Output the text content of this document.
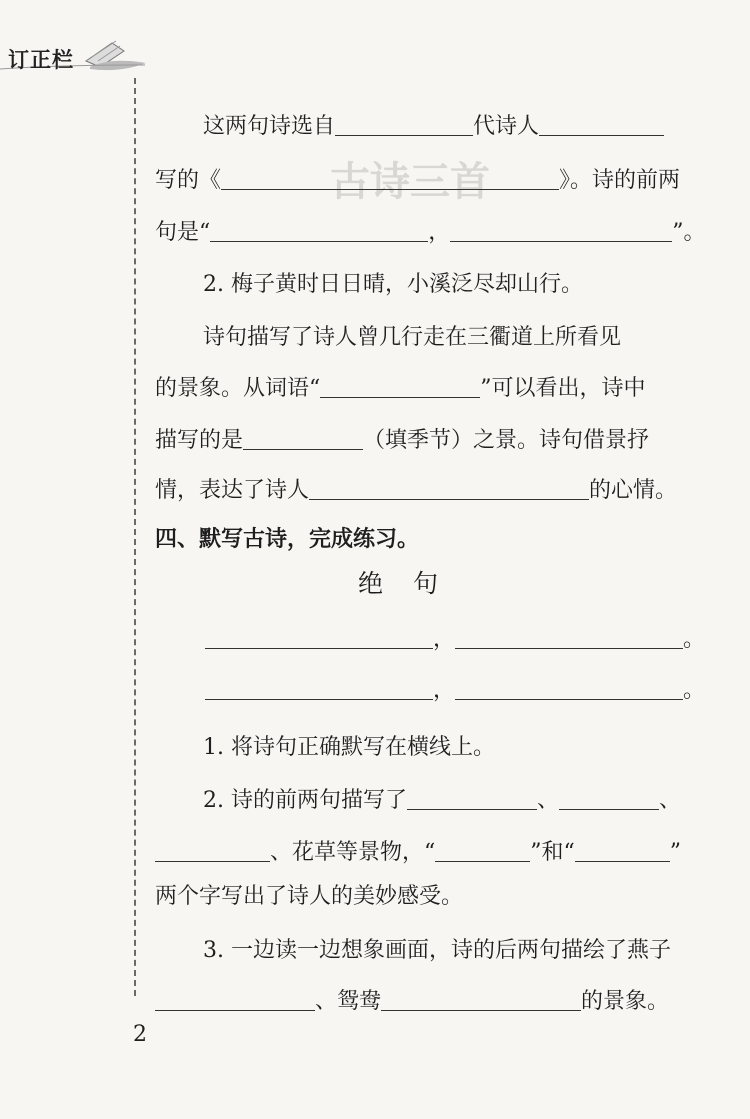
古诗三首
订正栏
这两句诗选自	代诗人
写的《	》。诗的前两
句是“	，	”。
2. 梅子黄时日日晴，小溪泛尽却山行。
诗句描写了诗人曾几行走在三衢道上所看见
的景象。从词语“	”可以看出，诗中
描写的是	（填季节）之景。诗句借景抒
情，表达了诗人	的心情。
四、默写古诗，完成练习。
绝句
，	。
，	。
1. 将诗句正确默写在横线上。
2. 诗的前两句描写了	、	、
、花草等景物，“	”和“	”
两个字写出了诗人的美妙感受。
3. 一边读一边想象画面，诗的后两句描绘了燕子
、鸳鸯	的景象。
2
